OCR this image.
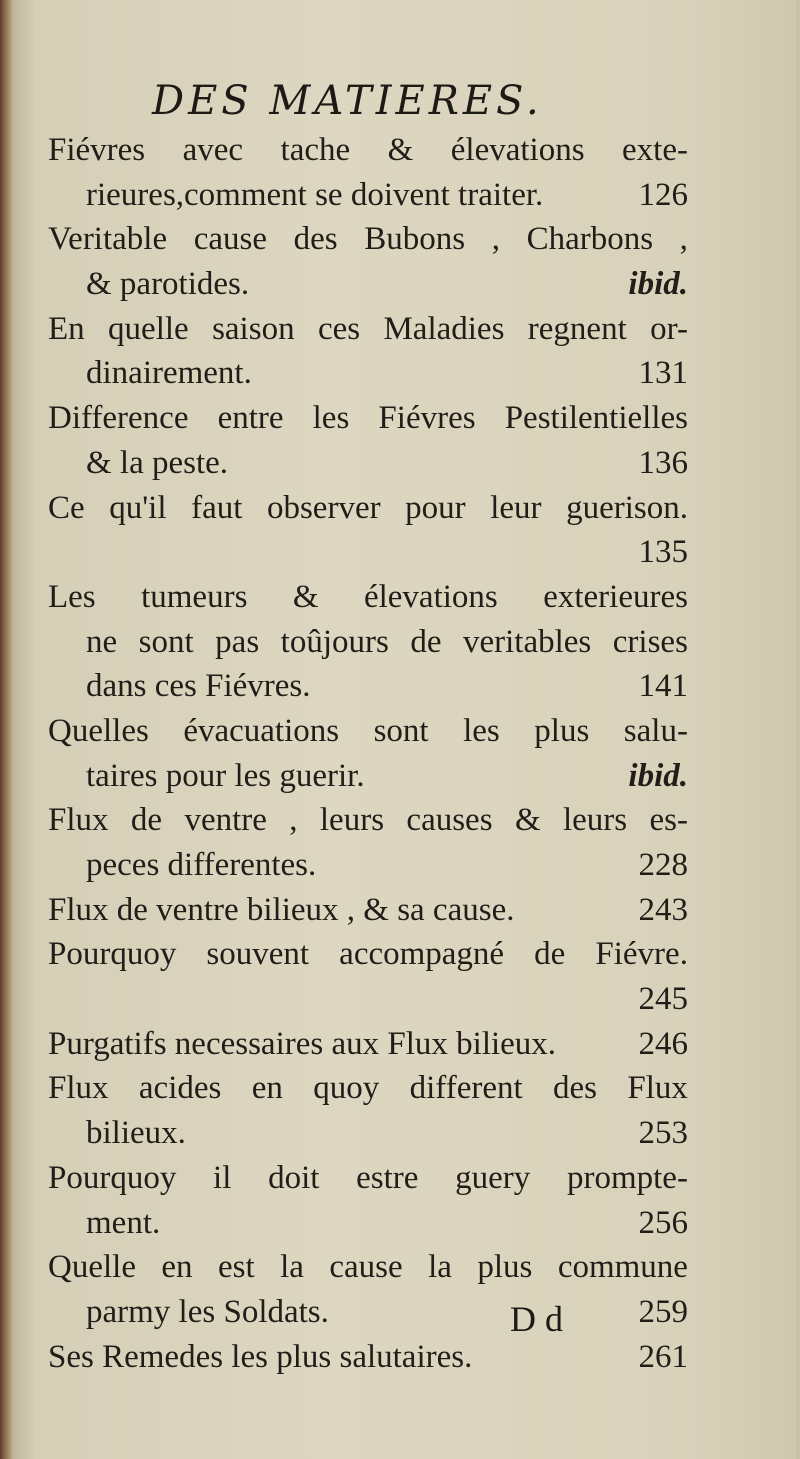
DES MATIERES.
Fiévres avec tache & élevations exte-
rieures,comment se doivent traiter.	126
Veritable cause des Bubons , Charbons ,
& parotides.	ibid.
En quelle saison ces Maladies regnent or-
dinairement.	131
Difference entre les Fiévres Pestilentielles
& la peste.	136
Ce qu'il faut observer pour leur guerison.
135
Les tumeurs & élevations exterieures
ne sont pas toûjours de veritables crises
dans ces Fiévres.	141
Quelles évacuations sont les plus salu-
taires pour les guerir.	ibid.
Flux de ventre , leurs causes & leurs es-
peces differentes.	228
Flux de ventre bilieux , & sa cause.	243
Pourquoy souvent accompagné de Fiévre.
245
Purgatifs necessaires aux Flux bilieux. 246
Flux acides en quoy different des Flux
bilieux.	253
Pourquoy il doit estre guery prompte-
ment.	256
Quelle en est la cause la plus commune
parmy les Soldats.	259
Ses Remedes les plus salutaires.	261
D d
